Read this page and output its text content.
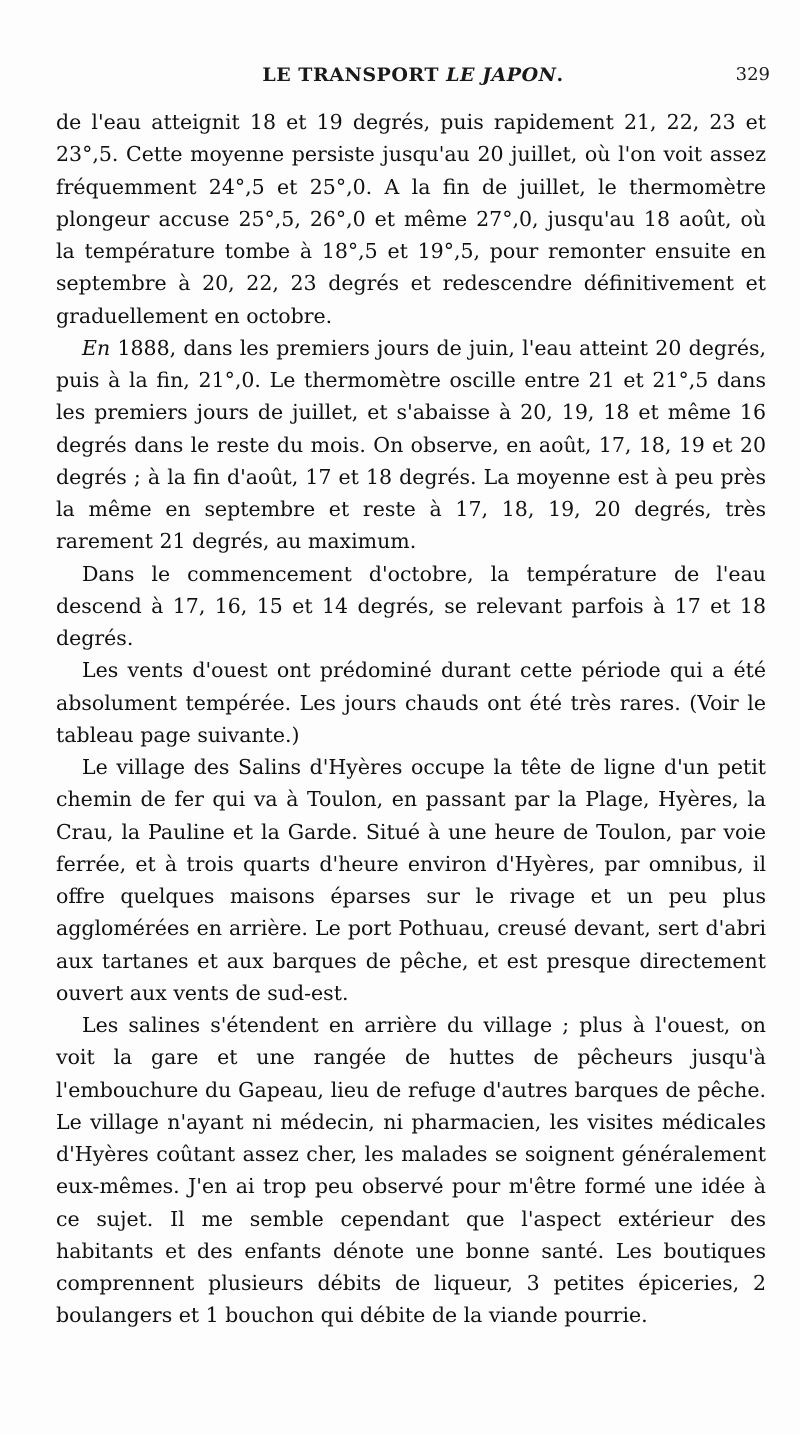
LE TRANSPORT LE JAPON.	329

de l'eau atteignit 18 et 19 degrés, puis rapidement 21, 22, 23 et 23°,5. Cette moyenne persiste jusqu'au 20 juillet, où l'on voit assez fréquemment 24°,5 et 25°,0. A la fin de juillet, le thermomètre plongeur accuse 25°,5, 26°,0 et même 27°,0, jusqu'au 18 août, où la température tombe à 18°,5 et 19°,5, pour remonter ensuite en septembre à 20, 22, 23 degrés et redescendre définitivement et graduellement en octobre.

En 1888, dans les premiers jours de juin, l'eau atteint 20 degrés, puis à la fin, 21°,0. Le thermomètre oscille entre 21 et 21°,5 dans les premiers jours de juillet, et s'abaisse à 20, 19, 18 et même 16 degrés dans le reste du mois. On observe, en août, 17, 18, 19 et 20 degrés ; à la fin d'août, 17 et 18 degrés. La moyenne est à peu près la même en septembre et reste à 17, 18, 19, 20 degrés, très rarement 21 degrés, au maximum.

Dans le commencement d'octobre, la température de l'eau descend à 17, 16, 15 et 14 degrés, se relevant parfois à 17 et 18 degrés.

Les vents d'ouest ont prédominé durant cette période qui a été absolument tempérée. Les jours chauds ont été très rares. (Voir le tableau page suivante.)

Le village des Salins d'Hyères occupe la tête de ligne d'un petit chemin de fer qui va à Toulon, en passant par la Plage, Hyères, la Crau, la Pauline et la Garde. Situé à une heure de Toulon, par voie ferrée, et à trois quarts d'heure environ d'Hyères, par omnibus, il offre quelques maisons éparses sur le rivage et un peu plus agglomérées en arrière. Le port Pothuau, creusé devant, sert d'abri aux tartanes et aux barques de pêche, et est presque directement ouvert aux vents de sud-est.

Les salines s'étendent en arrière du village ; plus à l'ouest, on voit la gare et une rangée de huttes de pêcheurs jusqu'à l'embouchure du Gapeau, lieu de refuge d'autres barques de pêche. Le village n'ayant ni médecin, ni pharmacien, les visites médicales d'Hyères coûtant assez cher, les malades se soignent généralement eux-mêmes. J'en ai trop peu observé pour m'être formé une idée à ce sujet. Il me semble cependant que l'aspect extérieur des habitants et des enfants dénote une bonne santé. Les boutiques comprennent plusieurs débits de liqueur, 3 petites épiceries, 2 boulangers et 1 bouchon qui débite de la viande pourrie.
